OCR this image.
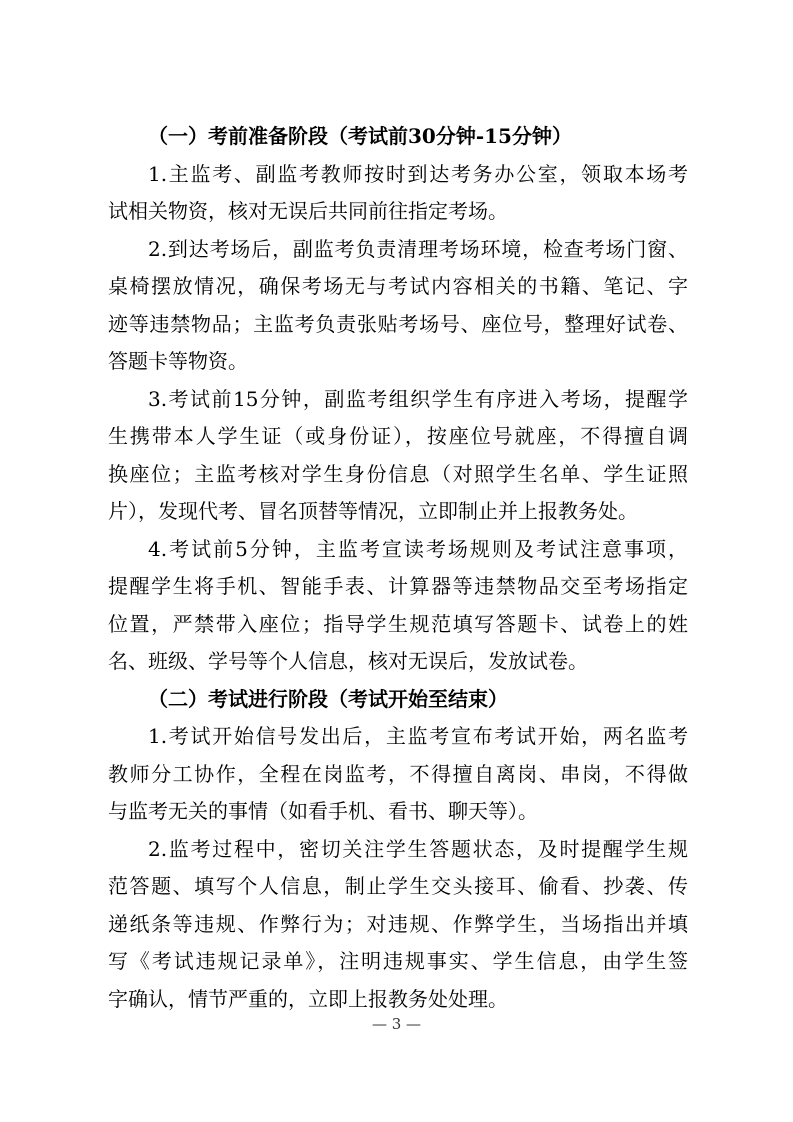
（一）考前准备阶段（考试前30分钟-15分钟）
1.主监考、副监考教师按时到达考务办公室，领取本场考
试相关物资，核对无误后共同前往指定考场。
2.到达考场后，副监考负责清理考场环境，检查考场门窗、
桌椅摆放情况，确保考场无与考试内容相关的书籍、笔记、字
迹等违禁物品；主监考负责张贴考场号、座位号，整理好试卷、
答题卡等物资。
3.考试前15分钟，副监考组织学生有序进入考场，提醒学
生携带本人学生证（或身份证），按座位号就座，不得擅自调
换座位；主监考核对学生身份信息（对照学生名单、学生证照
片），发现代考、冒名顶替等情况，立即制止并上报教务处。
4.考试前5分钟，主监考宣读考场规则及考试注意事项，
提醒学生将手机、智能手表、计算器等违禁物品交至考场指定
位置，严禁带入座位；指导学生规范填写答题卡、试卷上的姓
名、班级、学号等个人信息，核对无误后，发放试卷。
（二）考试进行阶段（考试开始至结束）
1.考试开始信号发出后，主监考宣布考试开始，两名监考
教师分工协作，全程在岗监考，不得擅自离岗、串岗，不得做
与监考无关的事情（如看手机、看书、聊天等）。
2.监考过程中，密切关注学生答题状态，及时提醒学生规
范答题、填写个人信息，制止学生交头接耳、偷看、抄袭、传
递纸条等违规、作弊行为；对违规、作弊学生，当场指出并填
写《考试违规记录单》，注明违规事实、学生信息，由学生签
字确认，情节严重的，立即上报教务处处理。
— 3 —
